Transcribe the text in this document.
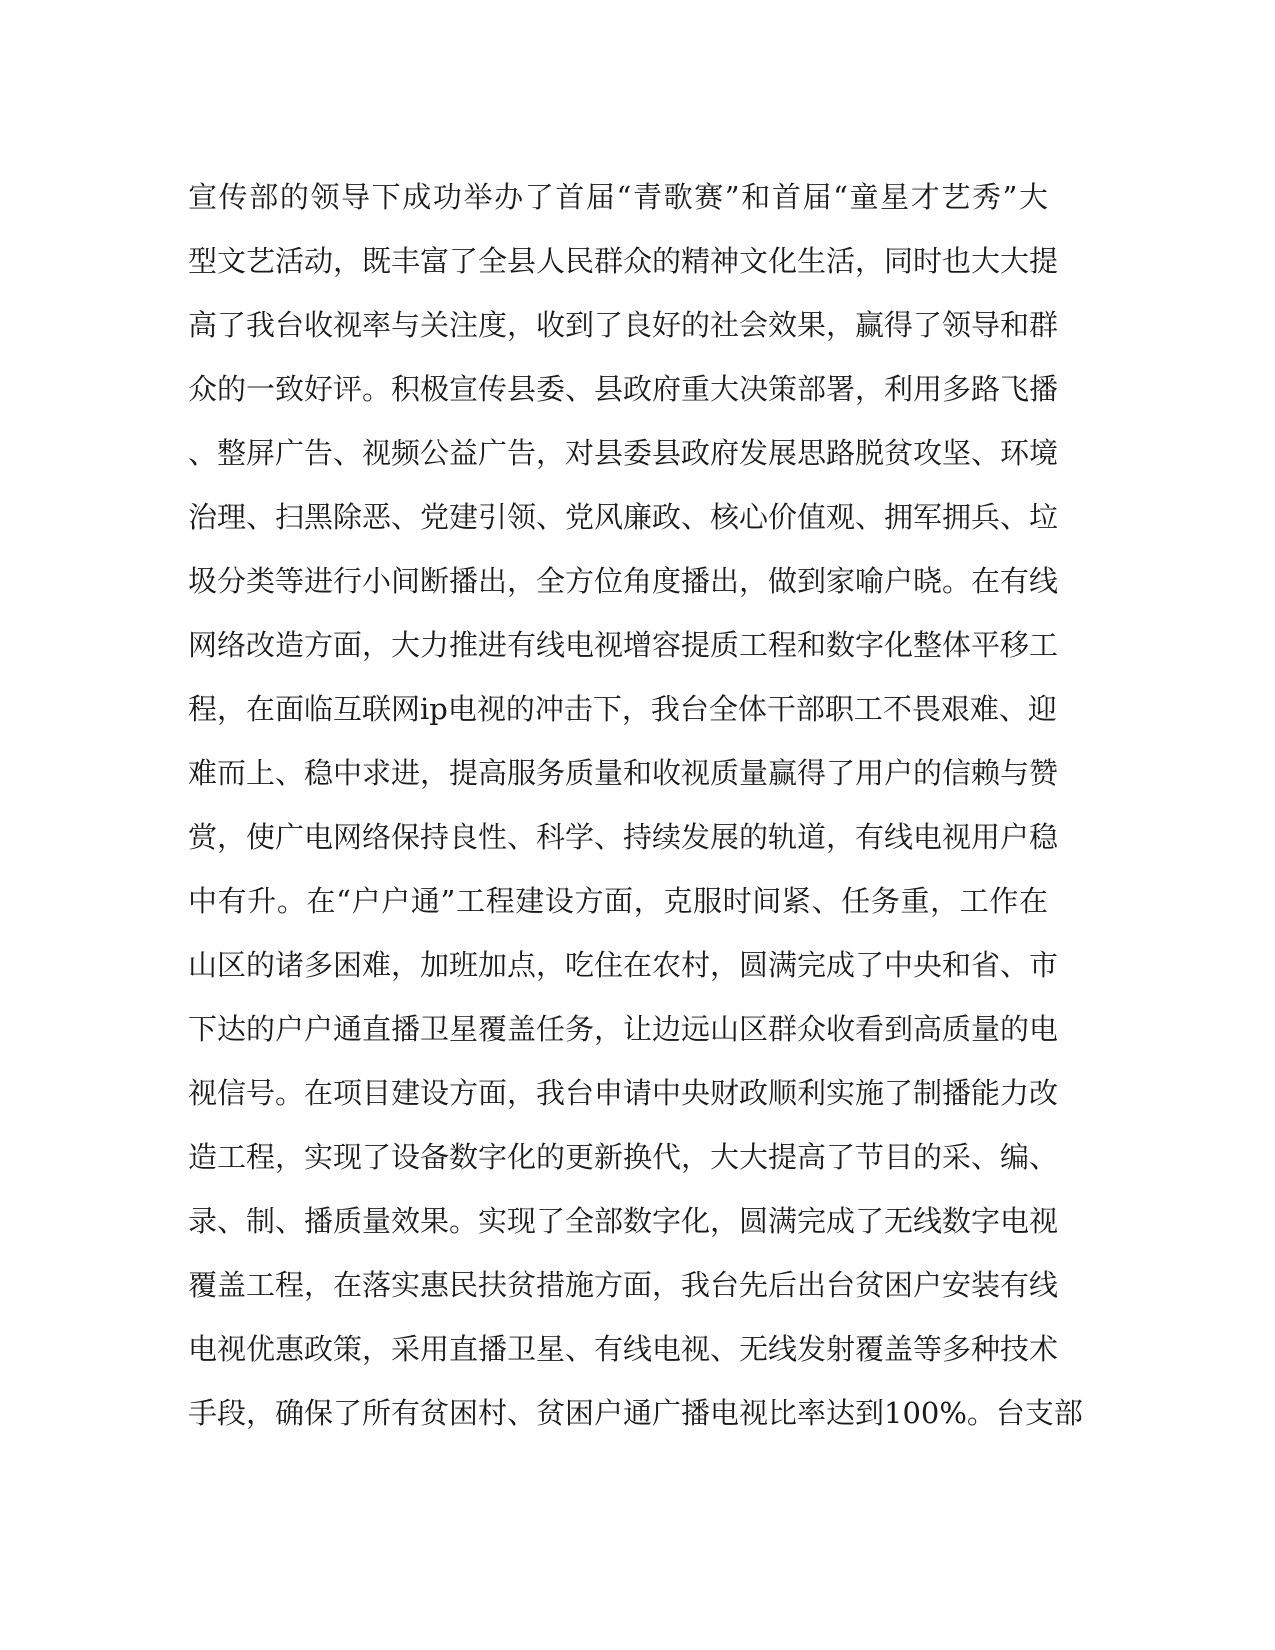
宣传部的领导下成功举办了首届“青歌赛”和首届“童星才艺秀”大
型文艺活动，既丰富了全县人民群众的精神文化生活，同时也大大提
高了我台收视率与关注度，收到了良好的社会效果，赢得了领导和群
众的一致好评。积极宣传县委、县政府重大决策部署，利用多路飞播
、整屏广告、视频公益广告，对县委县政府发展思路脱贫攻坚、环境
治理、扫黑除恶、党建引领、党风廉政、核心价值观、拥军拥兵、垃
圾分类等进行小间断播出，全方位角度播出，做到家喻户晓。在有线
网络改造方面，大力推进有线电视增容提质工程和数字化整体平移工
程，在面临互联网ip电视的冲击下，我台全体干部职工不畏艰难、迎
难而上、稳中求进，提高服务质量和收视质量赢得了用户的信赖与赞
赏，使广电网络保持良性、科学、持续发展的轨道，有线电视用户稳
中有升。在“户户通”工程建设方面，克服时间紧、任务重，工作在
山区的诸多困难，加班加点，吃住在农村，圆满完成了中央和省、市
下达的户户通直播卫星覆盖任务，让边远山区群众收看到高质量的电
视信号。在项目建设方面，我台申请中央财政顺利实施了制播能力改
造工程，实现了设备数字化的更新换代，大大提高了节目的采、编、
录、制、播质量效果。实现了全部数字化，圆满完成了无线数字电视
覆盖工程，在落实惠民扶贫措施方面，我台先后出台贫困户安装有线
电视优惠政策，采用直播卫星、有线电视、无线发射覆盖等多种技术
手段，确保了所有贫困村、贫困户通广播电视比率达到100%。台支部
